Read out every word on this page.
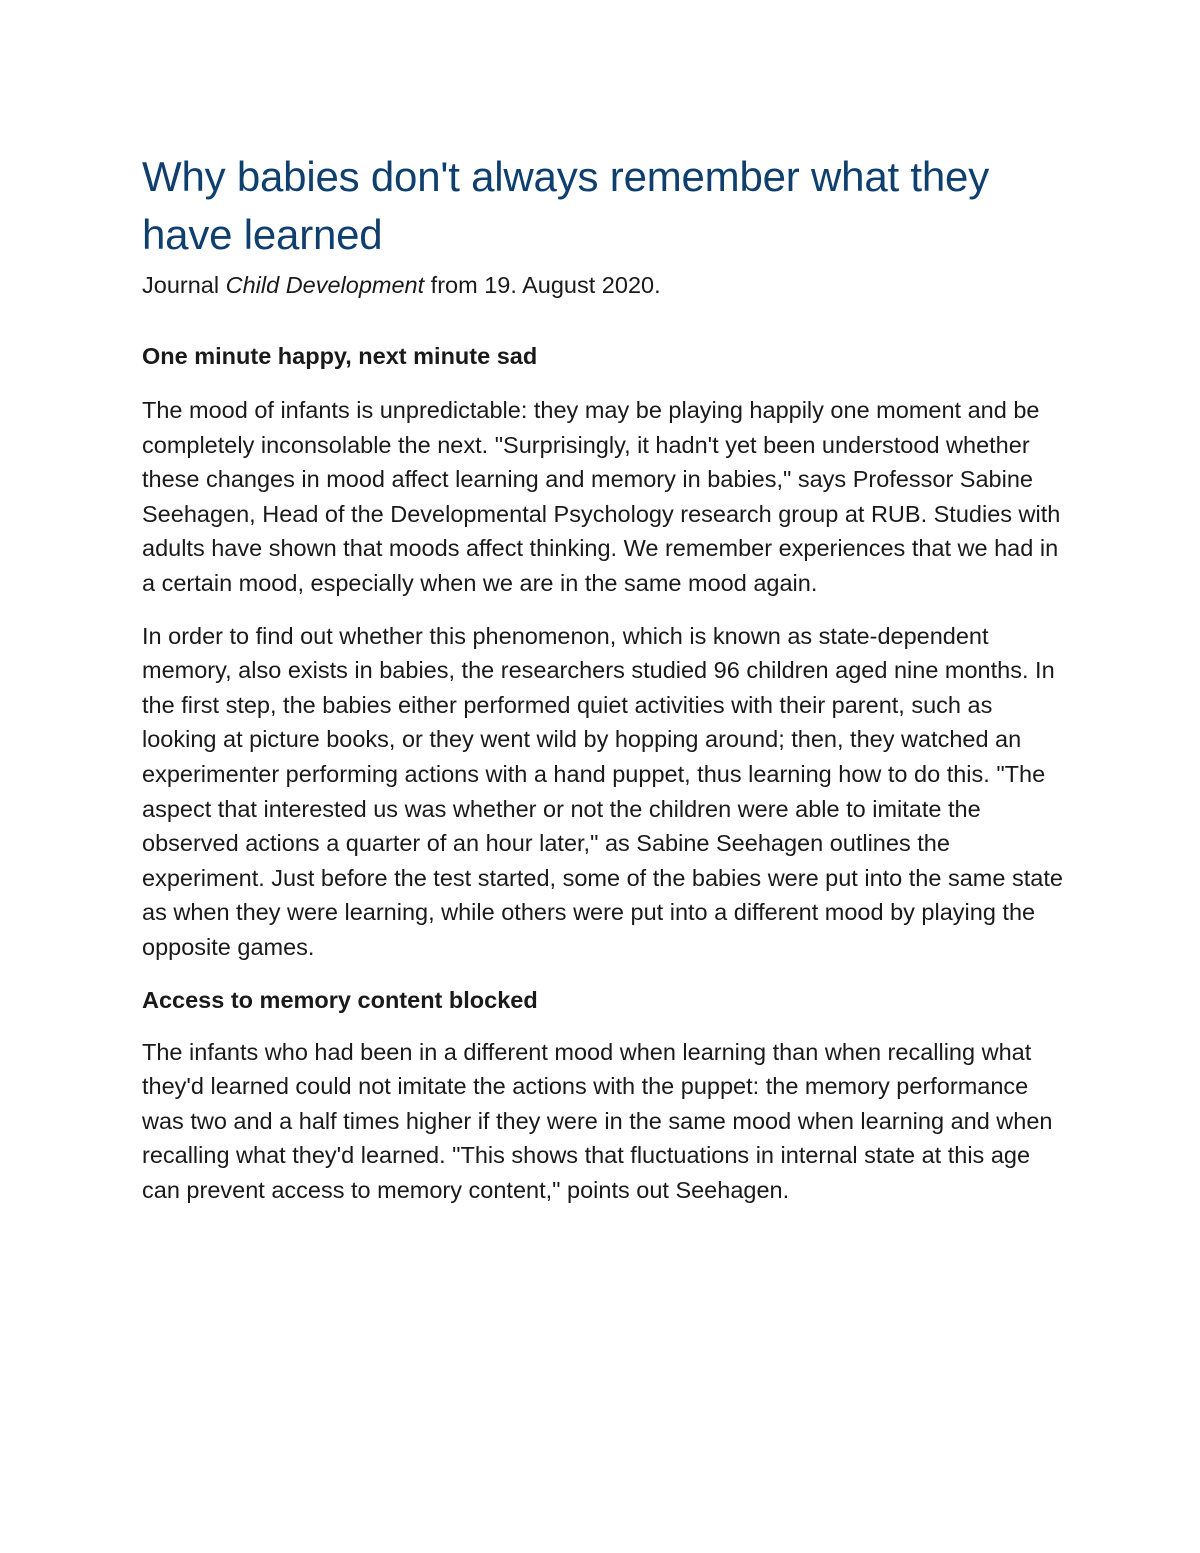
Why babies don't always remember what they have learned

Journal Child Development from 19. August 2020.

One minute happy, next minute sad

The mood of infants is unpredictable: they may be playing happily one moment and be completely inconsolable the next. "Surprisingly, it hadn't yet been understood whether these changes in mood affect learning and memory in babies," says Professor Sabine Seehagen, Head of the Developmental Psychology research group at RUB. Studies with adults have shown that moods affect thinking. We remember experiences that we had in a certain mood, especially when we are in the same mood again.

In order to find out whether this phenomenon, which is known as state-dependent memory, also exists in babies, the researchers studied 96 children aged nine months. In the first step, the babies either performed quiet activities with their parent, such as looking at picture books, or they went wild by hopping around; then, they watched an experimenter performing actions with a hand puppet, thus learning how to do this. "The aspect that interested us was whether or not the children were able to imitate the observed actions a quarter of an hour later," as Sabine Seehagen outlines the experiment. Just before the test started, some of the babies were put into the same state as when they were learning, while others were put into a different mood by playing the opposite games.

Access to memory content blocked

The infants who had been in a different mood when learning than when recalling what they'd learned could not imitate the actions with the puppet: the memory performance was two and a half times higher if they were in the same mood when learning and when recalling what they'd learned. "This shows that fluctuations in internal state at this age can prevent access to memory content," points out Seehagen.
